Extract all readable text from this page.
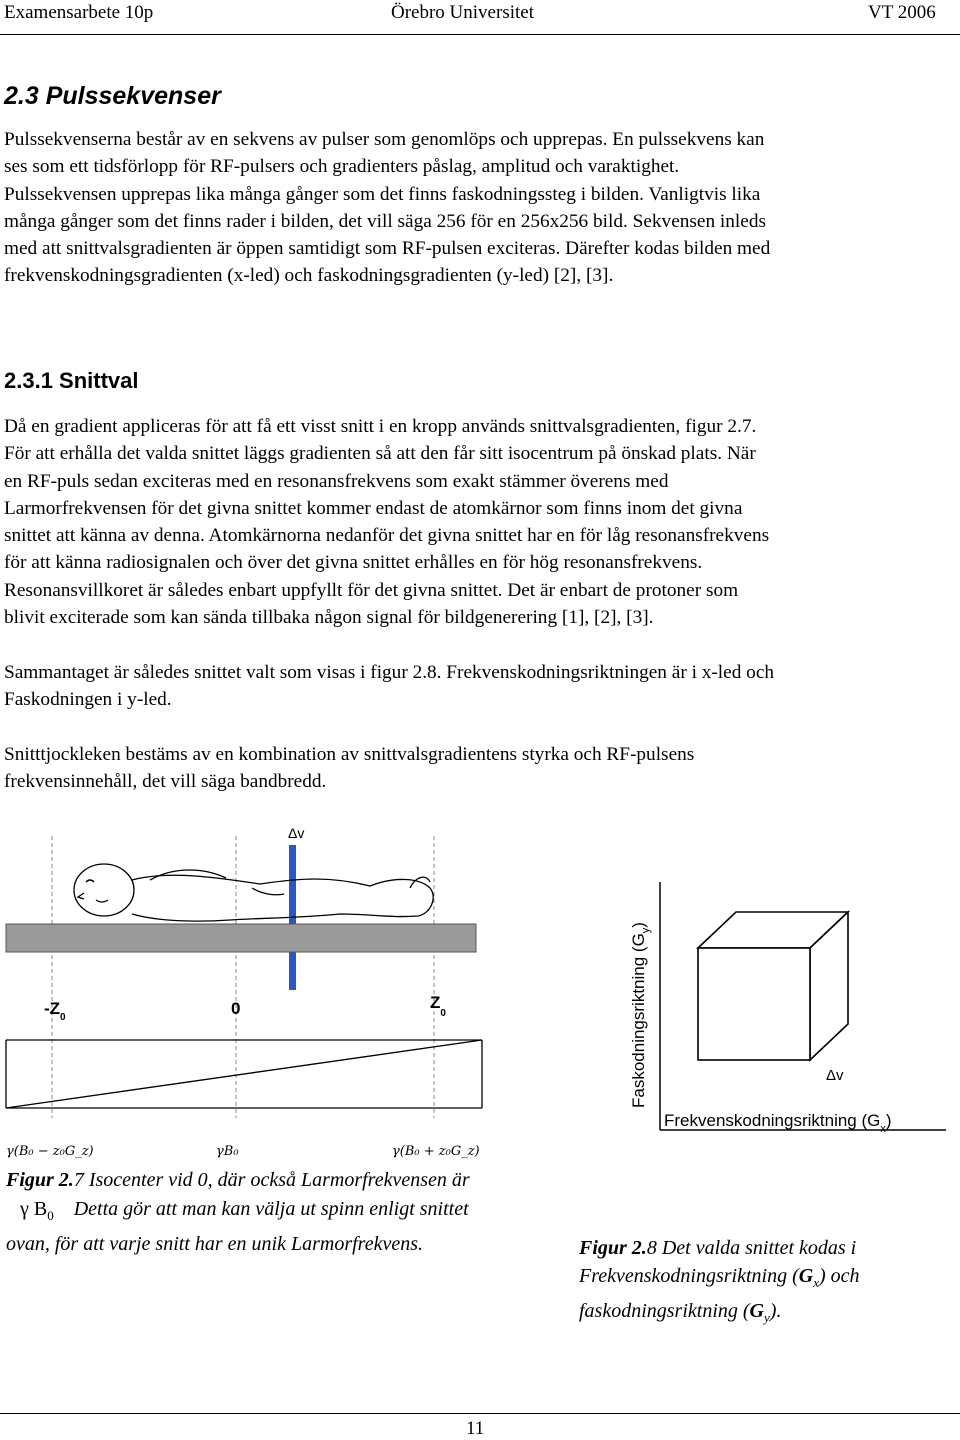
Examensarbete 10p	Örebro Universitet	VT 2006
2.3 Pulssekvenser

Pulssekvenserna består av en sekvens av pulser som genomlöps och upprepas. En pulssekvens kan
ses som ett tidsförlopp för RF-pulsers och gradienters påslag, amplitud och varaktighet.
Pulssekvensen upprepas lika många gånger som det finns faskodningssteg i bilden. Vanligtvis lika
många gånger som det finns rader i bilden, det vill säga 256 för en 256x256 bild. Sekvensen inleds
med att snittvalsgradienten är öppen samtidigt som RF-pulsen exciteras. Därefter kodas bilden med
frekvenskodningsgradienten (x-led) och faskodningsgradienten (y-led) [2], [3].

2.3.1 Snittval

Då en gradient appliceras för att få ett visst snitt i en kropp används snittvalsgradienten, figur 2.7.
För att erhålla det valda snittet läggs gradienten så att den får sitt isocentrum på önskad plats. När
en RF-puls sedan exciteras med en resonansfrekvens som exakt stämmer överens med
Larmorfrekvensen för det givna snittet kommer endast de atomkärnor som finns inom det givna
snittet att känna av denna. Atomkärnorna nedanför det givna snittet har en för låg resonansfrekvens
för att känna radiosignalen och över det givna snittet erhålles en för hög resonansfrekvens.
Resonansvillkoret är således enbart uppfyllt för det givna snittet. Det är enbart de protoner som
blivit exciterade som kan sända tillbaka någon signal för bildgenerering [1], [2], [3].

Sammantaget är således snittet valt som visas i figur 2.8. Frekvenskodningsriktningen är i x-led och
Faskodningen i y-led.

Snitttjockleken bestäms av en kombination av snittvalsgradientens styrka och RF-pulsens
frekvensinnehåll, det vill säga bandbredd.

Δv
$-Z_0$	0	$Z_0$
γ(B₀ − z₀G_z)	γB₀	γ(B₀ + z₀G_z)
Figur 2.7 Isocenter vid 0, där också Larmorfrekvensen är
γ $B_0$ Detta gör att man kan välja ut spinn enligt snittet
ovan, för att varje snitt har en unik Larmorfrekvens.
Faskodningsriktning $(G_y)$
Frekvenskodningsriktning $(G_x)$
Δv
Figur 2.8 Det valda snittet kodas i
Frekvenskodningsriktning $(G_x)$ och
faskodningsriktning $(G_y)$.
11
